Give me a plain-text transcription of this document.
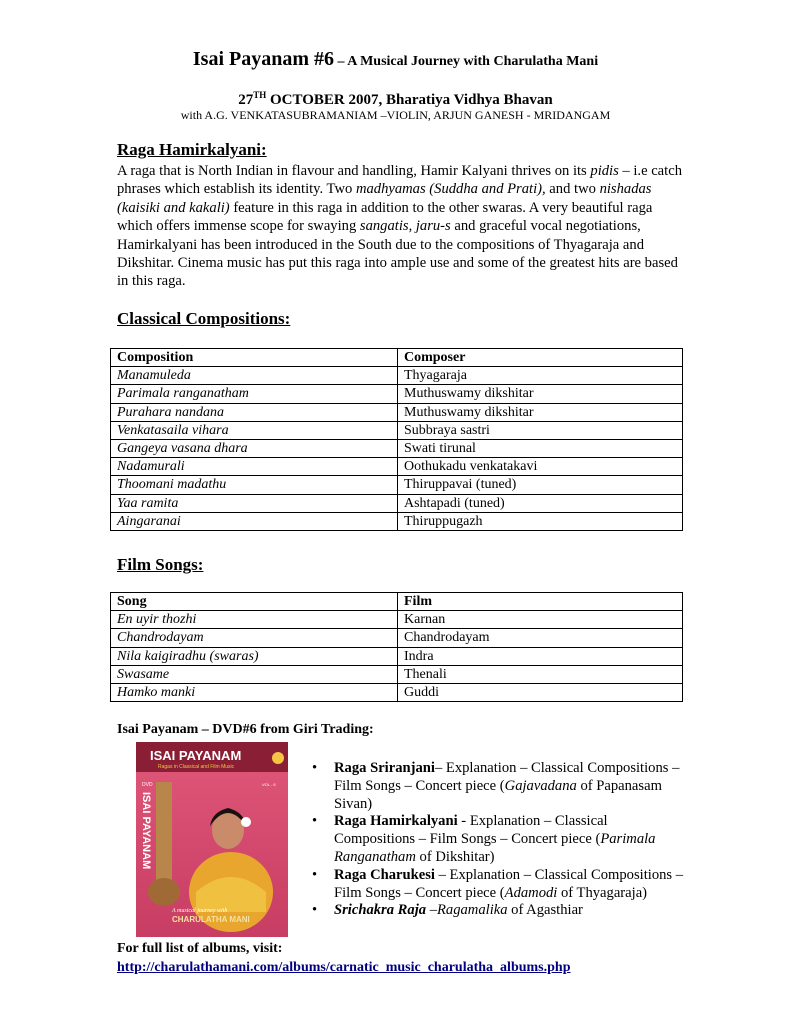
Isai Payanam #6 – A Musical Journey with Charulatha Mani
27TH OCTOBER 2007, Bharatiya Vidhya Bhavan
with A.G. VENKATASUBRAMANIAM –VIOLIN, ARJUN GANESH - MRIDANGAM
Raga Hamirkalyani:
A raga that is North Indian in flavour and handling, Hamir Kalyani thrives on its pidis – i.e catch phrases which establish its identity. Two madhyamas (Suddha and Prati), and two nishadas (kaisiki and kakali) feature in this raga in addition to the other swaras. A very beautiful raga which offers immense scope for swaying sangatis, jaru-s and graceful vocal negotiations, Hamirkalyani has been introduced in the South due to the compositions of Thyagaraja and Dikshitar. Cinema music has put this raga into ample use and some of the greatest hits are based in this raga.
Classical Compositions:
Composition	Composer
Manamuleda	Thyagaraja
Parimala ranganatham	Muthuswamy dikshitar
Purahara nandana	Muthuswamy dikshitar
Venkatasaila vihara	Subbraya sastri
Gangeya vasana dhara	Swati tirunal
Nadamurali	Oothukadu venkatakavi
Thoomani madathu	Thiruppavai (tuned)
Yaa ramita	Ashtapadi (tuned)
Aingaranai	Thiruppugazh
Film Songs:
Song	Film
En uyir thozhi	Karnan
Chandrodayam	Chandrodayam
Nila kaigiradhu (swaras)	Indra
Swasame	Thenali
Hamko manki	Guddi
Isai Payanam – DVD#6 from Giri Trading:
ISAI PAYANAM
Ragas in Classical and Film Music
DVD
ISAI PAYANAM
VOL - 6
A musical journey with
CHARULATHA MANI
• Raga Sriranjani– Explanation – Classical Compositions – Film Songs – Concert piece (Gajavadana of Papanasam Sivan)
• Raga Hamirkalyani - Explanation – Classical Compositions – Film Songs – Concert piece (Parimala Ranganatham of Dikshitar)
• Raga Charukesi – Explanation – Classical Compositions – Film Songs – Concert piece (Adamodi of Thyagaraja)
• Srichakra Raja –Ragamalika of Agasthiar
For full list of albums, visit:
http://charulathamani.com/albums/carnatic_music_charulatha_albums.php
